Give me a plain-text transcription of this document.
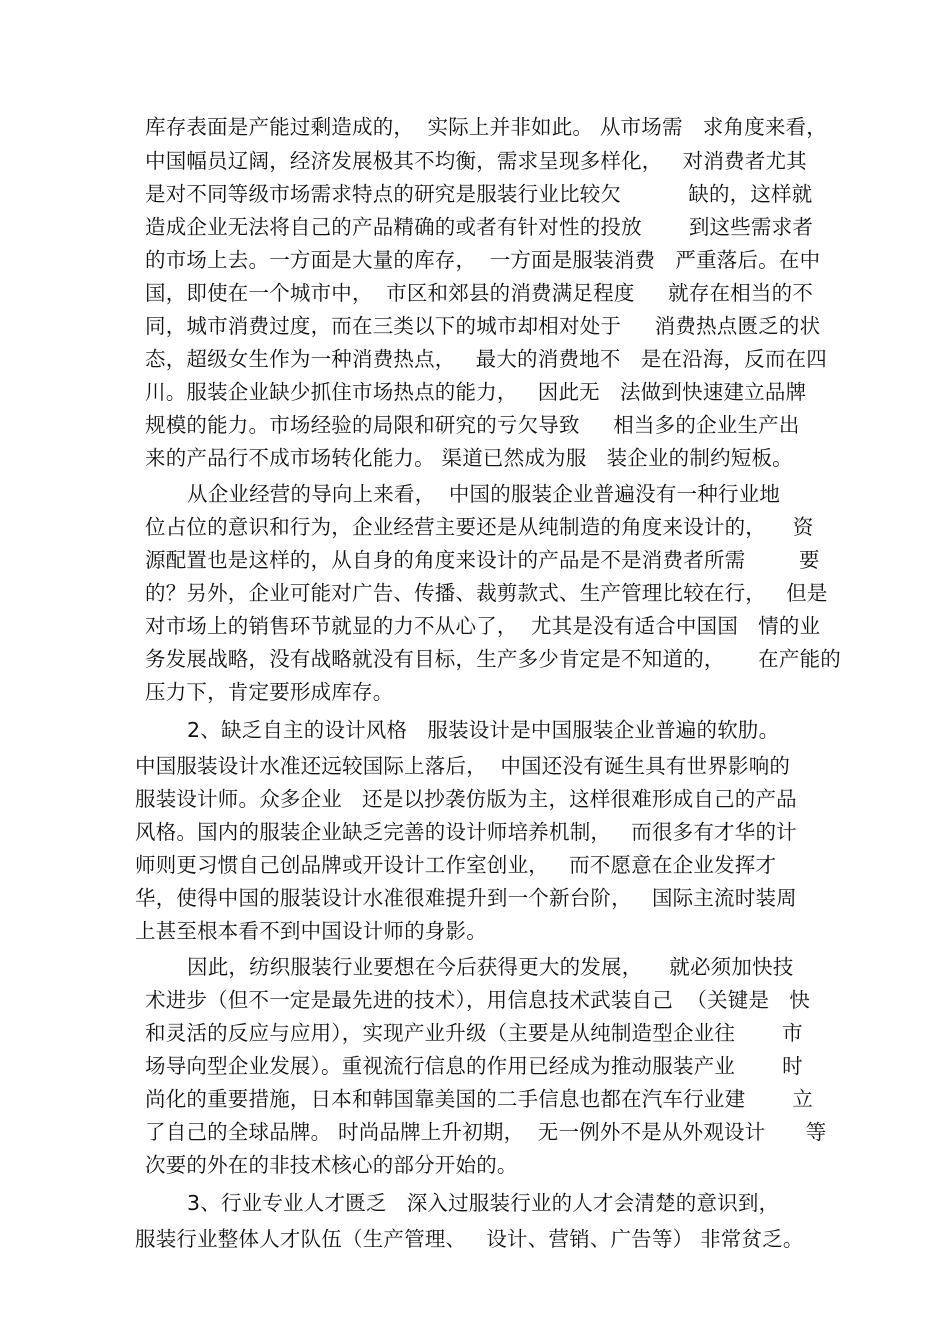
库存表面是产能过剩造成的，  实际上并非如此。 从市场需   求角度来看，
中国幅员辽阔，经济发展极其不均衡，需求呈现多样化，   对消费者尤其
是对不同等级市场需求特点的研究是服装行业比较欠          缺的，这样就
造成企业无法将自己的产品精确的或者有针对性的投放       到这些需求者
的市场上去。一方面是大量的库存，  一方面是服装消费   严重落后。在中
国，即使在一个城市中，  市区和郊县的消费满足程度     就存在相当的不
同，城市消费过度，而在三类以下的城市却相对处于     消费热点匮乏的状
态，超级女生作为一种消费热点，   最大的消费地不   是在沿海，反而在四
川。服装企业缺少抓住市场热点的能力，   因此无   法做到快速建立品牌
规模的能力。市场经验的局限和研究的亏欠导致     相当多的企业生产出
来的产品行不成市场转化能力。 渠道已然成为服   装企业的制约短板。
从企业经营的导向上来看，  中国的服装企业普遍没有一种行业地
位占位的意识和行为，企业经营主要还是从纯制造的角度来设计的，    资
源配置也是这样的，从自身的角度来设计的产品是不是消费者所需        要
的？另外，企业可能对广告、传播、裁剪款式、生产管理比较在行，   但是
对市场上的销售环节就显的力不从心了，  尤其是没有适合中国国   情的业
务发展战略，没有战略就没有目标，生产多少肯定是不知道的，     在产能的
压力下，肯定要形成库存。
2、缺乏自主的设计风格   服装设计是中国服装企业普遍的软肋。
中国服装设计水准还远较国际上落后，  中国还没有诞生具有世界影响的
服装设计师。众多企业   还是以抄袭仿版为主，这样很难形成自己的产品
风格。国内的服装企业缺乏完善的设计师培养机制，   而很多有才华的计
师则更习惯自己创品牌或开设计工作室创业，   而不愿意在企业发挥才
华，使得中国的服装设计水准很难提升到一个新台阶，   国际主流时装周
上甚至根本看不到中国设计师的身影。
因此，纺织服装行业要想在今后获得更大的发展，    就必须加快技
术进步（但不一定是最先进的技术），用信息技术武装自己  （关键是   快
和灵活的反应与应用），实现产业升级（主要是从纯制造型企业往       市
场导向型企业发展）。重视流行信息的作用已经成为推动服装产业       时
尚化的重要措施，日本和韩国靠美国的二手信息也都在汽车行业建       立
了自己的全球品牌。 时尚品牌上升初期，  无一例外不是从外观设计      等
次要的外在的非技术核心的部分开始的。
3、行业专业人才匮乏   深入过服装行业的人才会清楚的意识到，
服装行业整体人才队伍（生产管理、   设计、营销、广告等） 非常贫乏。
